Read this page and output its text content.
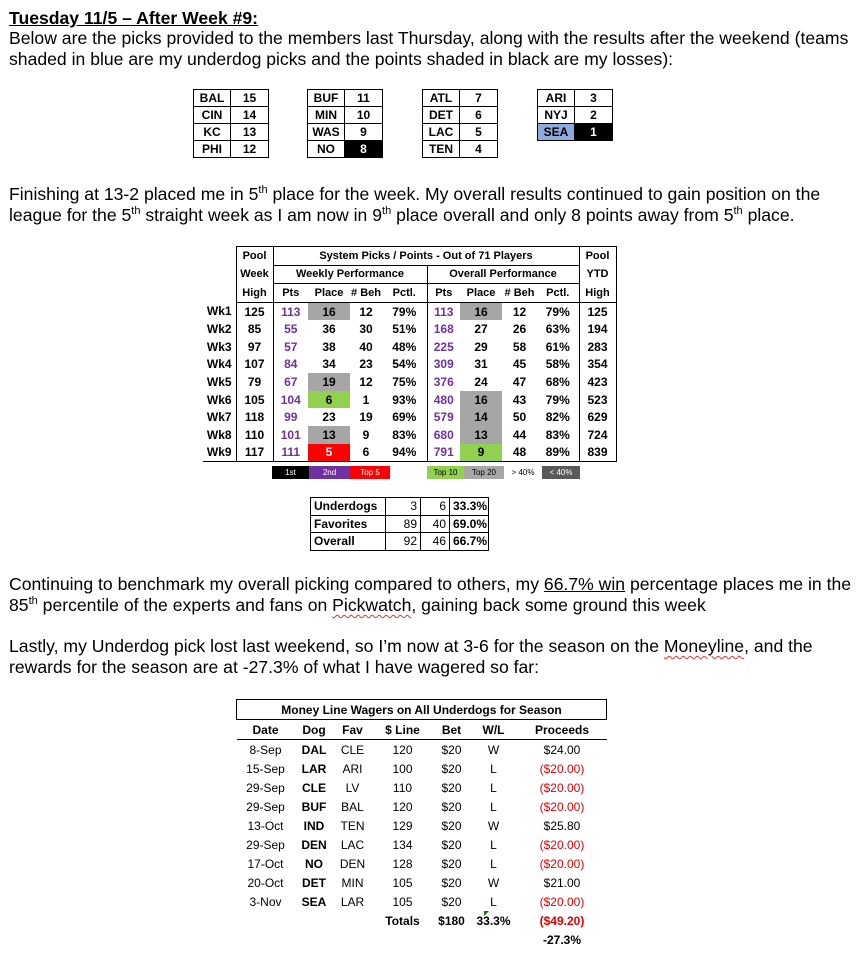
Tuesday 11/5 – After Week #9:

Below are the picks provided to the members last Thursday, along with the results after the weekend (teams shaded in blue are my underdog picks and the points shaded in black are my losses):

BAL	15
CIN	14
KC	13
PHI	12
BUF	11
MIN	10
WAS	9
NO	8
ATL	7
DET	6
LAC	5
TEN	4
ARI	3
NYJ	2
SEA	1

Finishing at 13-2 placed me in 5th place for the week. My overall results continued to gain position on the league for the 5th straight week as I am now in 9th place overall and only 8 points away from 5th place.

	Pool	System Picks / Points - Out of 71 Players								Pool
	Week	Weekly Performance				Overall Performance				YTD
	High	Pts	Place	# Beh	Pctl.	Pts	Place	# Beh	Pctl.	High
Wk1	125	113	16	12	79%	113	16	12	79%	125
Wk2	85	55	36	30	51%	168	27	26	63%	194
Wk3	97	57	38	40	48%	225	29	58	61%	283
Wk4	107	84	34	23	54%	309	31	45	58%	354
Wk5	79	67	19	12	75%	376	24	47	68%	423
Wk6	105	104	6	1	93%	480	16	43	79%	523
Wk7	118	99	23	19	69%	579	14	50	82%	629
Wk8	110	101	13	9	83%	680	13	44	83%	724
Wk9	117	111	5	6	94%	791	9	48	89%	839
1st	2nd	Top 5	Top 10	Top 20	> 40%	< 40%
Underdogs	3	6	33.3%
Favorites	89	40	69.0%
Overall	92	46	66.7%

Continuing to benchmark my overall picking compared to others, my 66.7% win percentage places me in the 85th percentile of the experts and fans on Pickwatch, gaining back some ground this week

Lastly, my Underdog pick lost last weekend, so I’m now at 3-6 for the season on the Moneyline, and the rewards for the season are at -27.3% of what I have wagered so far:

Money Line Wagers on All Underdogs for Season						
Date	Dog	Fav	$ Line	Bet	W/L	Proceeds
8-Sep	DAL	CLE	120	$20	W	$24.00
15-Sep	LAR	ARI	100	$20	L	($20.00)
29-Sep	CLE	LV	110	$20	L	($20.00)
29-Sep	BUF	BAL	120	$20	L	($20.00)
13-Oct	IND	TEN	129	$20	W	$25.80
29-Sep	DEN	LAC	134	$20	L	($20.00)
17-Oct	NO	DEN	128	$20	L	($20.00)
20-Oct	DET	MIN	105	$20	W	$21.00
3-Nov	SEA	LAR	105	$20	L	($20.00)
			Totals	$180	33.3%	($49.20)
						-27.3%
